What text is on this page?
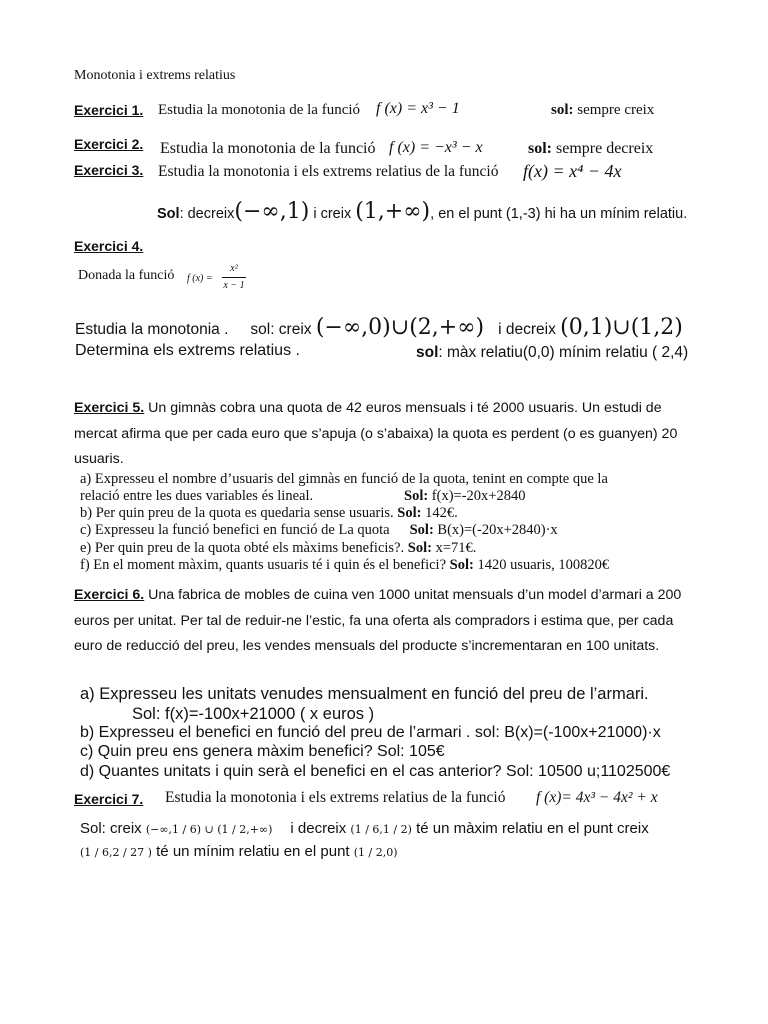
Monotonia i extrems relatius
Exercici 1. Estudia la monotonia de la funció f (x) = x³ − 1	sol: sempre creix
Exercici 2. Estudia la monotonia de la funció f (x) = −x³ − x	sol: sempre decreix
Exercici 3. Estudia la monotonia i els extrems relatius de la funció f(x) = x⁴ − 4x
Sol: decreix(−∞,1) i creix (1,+∞), en el punt (1,-3) hi ha un mínim relatiu.
Exercici 4.
Donada la funció f (x) =
x²
x − 1
Estudia la monotonia . sol: creix (−∞,0)∪(2,+∞) i decreix (0,1)∪(1,2)
Determina els extrems relatius .	sol: màx relatiu(0,0) mínim relatiu ( 2,4)
Exercici 5. Un gimnàs cobra una quota de 42 euros mensuals i té 2000 usuaris. Un estudi de mercat afirma que per cada euro que s’apuja (o s’abaixa) la quota es perdent (o es guanyen) 20 usuaris.
a) Expresseu el nombre d’usuaris del gimnàs en funció de la quota, tenint en compte que la
relació entre les dues variables és lineal.	Sol: f(x)=-20x+2840
b) Per quin preu de la quota es quedaria sense usuaris. Sol: 142€.
c) Expresseu la funció benefici en funció de La quota Sol: B(x)=(-20x+2840)·x
e) Per quin preu de la quota obté els màxims beneficis?. Sol: x=71€.
f) En el moment màxim, quants usuaris té i quin és el benefici? Sol: 1420 usuaris, 100820€
Exercici 6. Una fabrica de mobles de cuina ven 1000 unitat mensuals d’un model d’armari a 200 euros per unitat. Per tal de reduir-ne l’estic, fa una oferta als compradors i estima que, per cada euro de reducció del preu, les vendes mensuals del producte s’incrementaran en 100 unitats.
a) Expresseu les unitats venudes mensualment en funció del preu de l’armari.
Sol: f(x)=-100x+21000 ( x euros )
b) Expresseu el benefici en funció del preu de l’armari . sol: B(x)=(-100x+21000)·x
c) Quin preu ens genera màxim benefici? Sol: 105€
d) Quantes unitats i quin serà el benefici en el cas anterior? Sol: 10500 u;1102500€
Exercici 7. Estudia la monotonia i els extrems relatius de la funció f (x)= 4x³ − 4x² + x
Sol: creix (−∞,1 / 6) ∪ (1 / 2,+∞) i decreix (1 / 6,1 / 2) té un màxim relatiu en el punt creix
(1 / 6,2 / 27 ) té un mínim relatiu en el punt (1 / 2,0)
